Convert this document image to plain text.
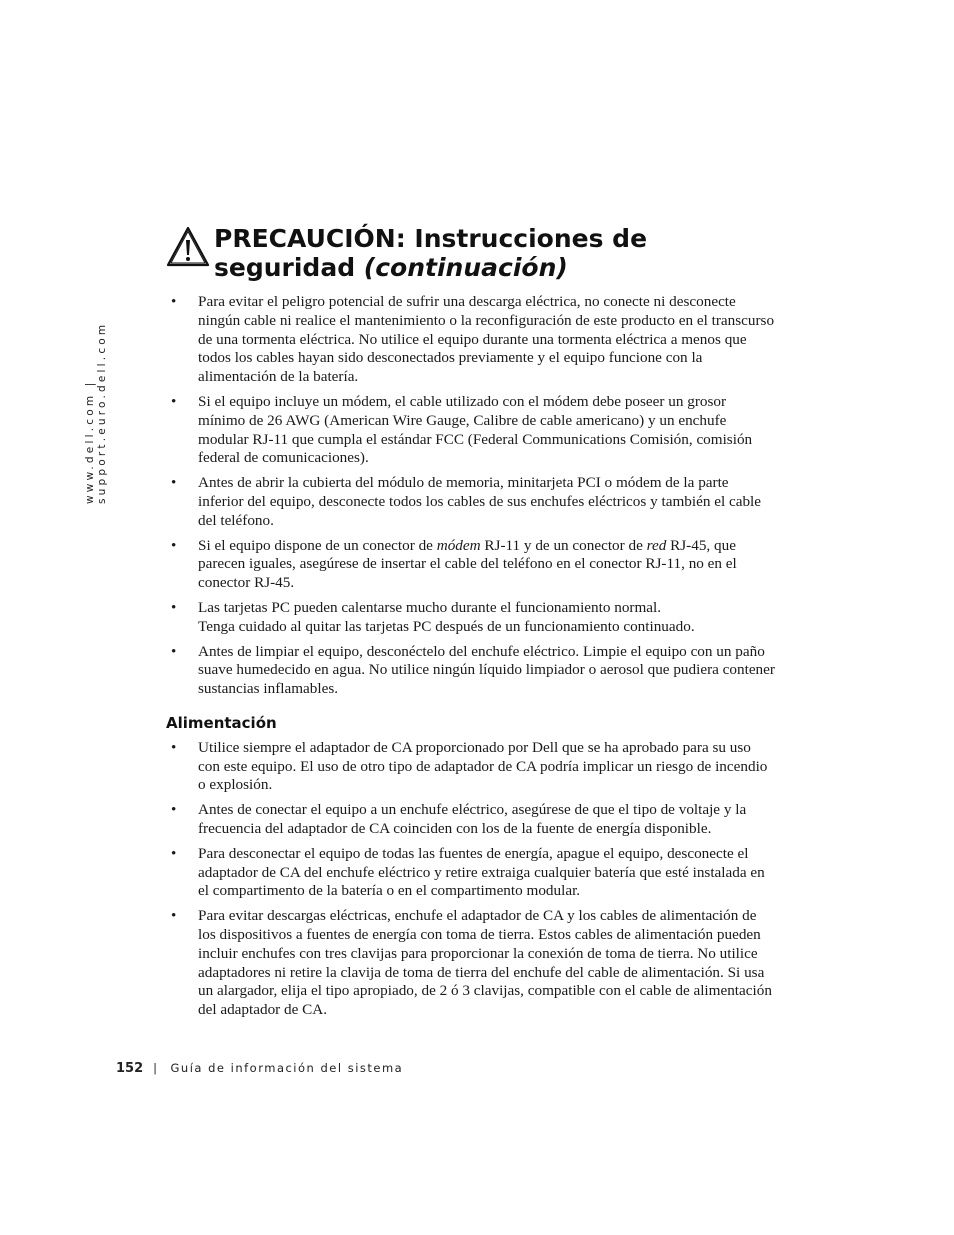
www.dell.com | support.euro.dell.com
PRECAUCIÓN: Instrucciones de
seguridad (continuación)
• Para evitar el peligro potencial de sufrir una descarga eléctrica, no conecte ni desconecte ningún cable ni realice el mantenimiento o la reconfiguración de este producto en el transcurso de una tormenta eléctrica. No utilice el equipo durante una tormenta eléctrica a menos que todos los cables hayan sido desconectados previamente y el equipo funcione con la alimentación de la batería.
• Si el equipo incluye un módem, el cable utilizado con el módem debe poseer un grosor mínimo de 26 AWG (American Wire Gauge, Calibre de cable americano) y un enchufe modular RJ-11 que cumpla el estándar FCC (Federal Communications Comisión, comisión federal de comunicaciones).
• Antes de abrir la cubierta del módulo de memoria, minitarjeta PCI o módem de la parte inferior del equipo, desconecte todos los cables de sus enchufes eléctricos y también el cable del teléfono.
• Si el equipo dispone de un conector de módem RJ-11 y de un conector de red RJ-45, que parecen iguales, asegúrese de insertar el cable del teléfono en el conector RJ-11, no en el conector RJ-45.
• Las tarjetas PC pueden calentarse mucho durante el funcionamiento normal.
Tenga cuidado al quitar las tarjetas PC después de un funcionamiento continuado.
• Antes de limpiar el equipo, desconéctelo del enchufe eléctrico. Limpie el equipo con un paño suave humedecido en agua. No utilice ningún líquido limpiador o aerosol que pudiera contener sustancias inflamables.
Alimentación
• Utilice siempre el adaptador de CA proporcionado por Dell que se ha aprobado para su uso con este equipo. El uso de otro tipo de adaptador de CA podría implicar un riesgo de incendio o explosión.
• Antes de conectar el equipo a un enchufe eléctrico, asegúrese de que el tipo de voltaje y la frecuencia del adaptador de CA coinciden con los de la fuente de energía disponible.
• Para desconectar el equipo de todas las fuentes de energía, apague el equipo, desconecte el adaptador de CA del enchufe eléctrico y retire extraiga cualquier batería que esté instalada en el compartimento de la batería o en el compartimento modular.
• Para evitar descargas eléctricas, enchufe el adaptador de CA y los cables de alimentación de los dispositivos a fuentes de energía con toma de tierra. Estos cables de alimentación pueden incluir enchufes con tres clavijas para proporcionar la conexión de toma de tierra. No utilice adaptadores ni retire la clavija de toma de tierra del enchufe del cable de alimentación. Si usa un alargador, elija el tipo apropiado, de 2 ó 3 clavijas, compatible con el cable de alimentación del adaptador de CA.
152 | Guía de información del sistema
